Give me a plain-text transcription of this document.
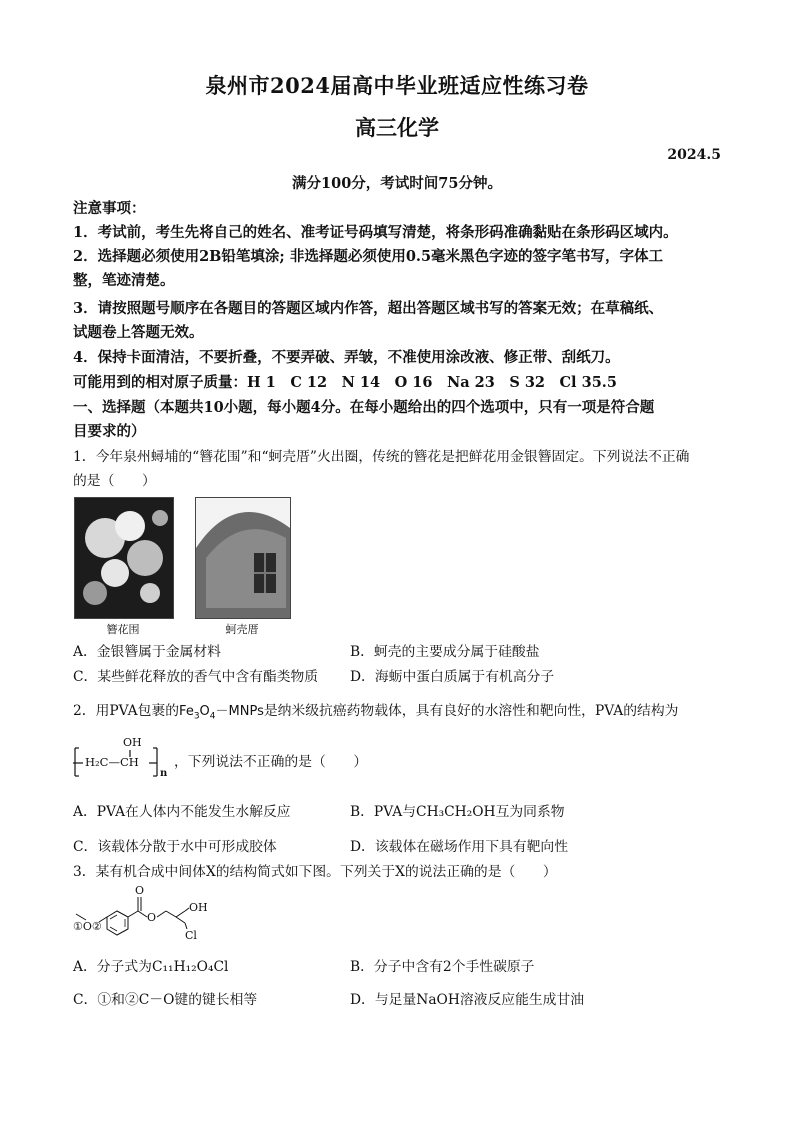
泉州市2024届高中毕业班适应性练习卷
高三化学
2024.5
满分100分，考试时间75分钟。
注意事项：
1．考试前，考生先将自己的姓名、准考证号码填写清楚，将条形码准确黏贴在条形码区域内。
2．选择题必须使用2B铅笔填涂; 非选择题必须使用0.5毫米黑色字迹的签字笔书写，字体工
整，笔迹清楚。
3．请按照题号顺序在各题目的答题区域内作答，超出答题区域书写的答案无效；在草稿纸、
试题卷上答题无效。
4．保持卡面清洁，不要折叠，不要弄破、弄皱，不准使用涂改液、修正带、刮纸刀。
可能用到的相对原子质量：H 1　C 12　N 14　O 16　Na 23　S 32　Cl 35.5
一、选择题（本题共10小题，每小题4分。在每小题给出的四个选项中，只有一项是符合题
目要求的）
1．今年泉州蟳埔的“簪花围”和“蚵壳厝”火出圈，传统的簪花是把鲜花用金银簪固定。下列说法不正确
的是（　　）
簪花围	蚵壳厝
A．金银簪属于金属材料	B．蚵壳的主要成分属于硅酸盐
C．某些鲜花释放的香气中含有酯类物质 D．海蛎中蛋白质属于有机高分子
2．用PVA包裹的$Fe_3O_4-MNPs$是纳米级抗癌药物载体，具有良好的水溶性和靶向性，PVA的结构为
OH
H₂C—CH
n
，下列说法不正确的是（　　）
A．PVA在人体内不能发生水解反应	B．PVA与CH₃CH₂OH互为同系物
C．该载体分散于水中可形成胶体	D．该载体在磁场作用下具有靶向性
3．某有机合成中间体X的结构简式如下图。下列关于X的说法正确的是（　　）
O
O
OH
Cl
①O②
A．分子式为C₁₁H₁₂O₄Cl	B．分子中含有2个手性碳原子
C．①和②C－O键的键长相等	D．与足量NaOH溶液反应能生成甘油
